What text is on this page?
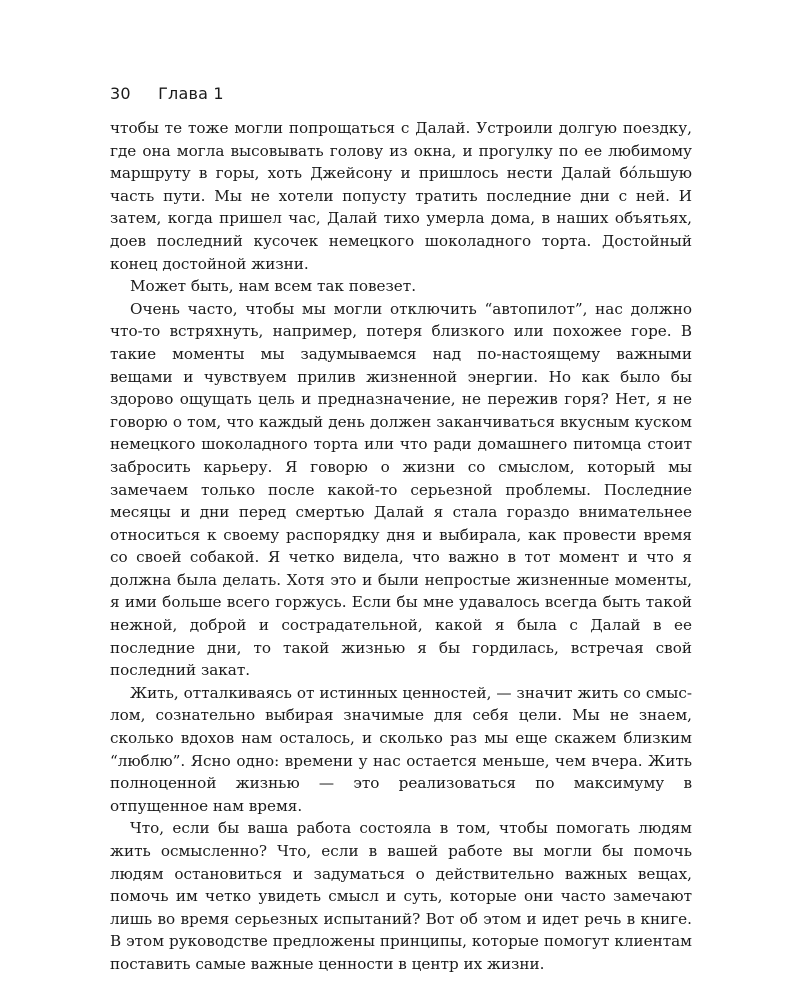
30 Глава 1

чтобы те тоже могли попрощаться с Далай. Устроили долгую поездку, где она могла высовывать голову из окна, и прогулку по ее любимому маршруту в горы, хоть Джейсону и пришлось нести Далай бо́льшую часть пути. Мы не хотели попусту тратить последние дни с ней. И затем, когда пришел час, Далай тихо умерла дома, в наших объятьях, доев последний кусочек немецкого шоколадного торта. Достойный конец достойной жизни.

Может быть, нам всем так повезет.

Очень часто, чтобы мы могли отключить “автопилот”, нас должно что-то встряхнуть, например, потеря близкого или похожее горе. В такие моменты мы задумываемся над по-настоящему важными вещами и чувствуем прилив жизненной энергии. Но как было бы здорово ощущать цель и предназначение, не пережив горя? Нет, я не говорю о том, что каждый день должен заканчиваться вкусным куском немецкого шоколадного торта или что ради домашнего питомца стоит забросить карьеру. Я говорю о жизни со смыслом, который мы замечаем только после какой-то серьезной проблемы. Последние месяцы и дни перед смертью Далай я стала гораздо внимательнее относиться к своему распорядку дня и выбирала, как провести время со своей собакой. Я четко видела, что важно в тот момент и что я должна была делать. Хотя это и были непростые жизненные моменты, я ими больше всего горжусь. Если бы мне удавалось всегда быть такой нежной, доброй и сострадательной, какой я была с Далай в ее последние дни, то такой жизнью я бы гордилась, встречая свой последний закат.

Жить, отталкиваясь от истинных ценностей, — значит жить со смыслом, сознательно выбирая значимые для себя цели. Мы не знаем, сколько вдохов нам осталось, и сколько раз мы еще скажем близким “люблю”. Ясно одно: времени у нас остается меньше, чем вчера. Жить полноценной жизнью — это реализоваться по максимуму в отпущенное нам время.

Что, если бы ваша работа состояла в том, чтобы помогать людям жить осмысленно? Что, если в вашей работе вы могли бы помочь людям остановиться и задуматься о действительно важных вещах, помочь им четко увидеть смысл и суть, которые они часто замечают лишь во время серьезных испытаний? Вот об этом и идет речь в книге. В этом руководстве предложены принципы, которые помогут клиентам поставить самые важные ценности в центр их жизни.
